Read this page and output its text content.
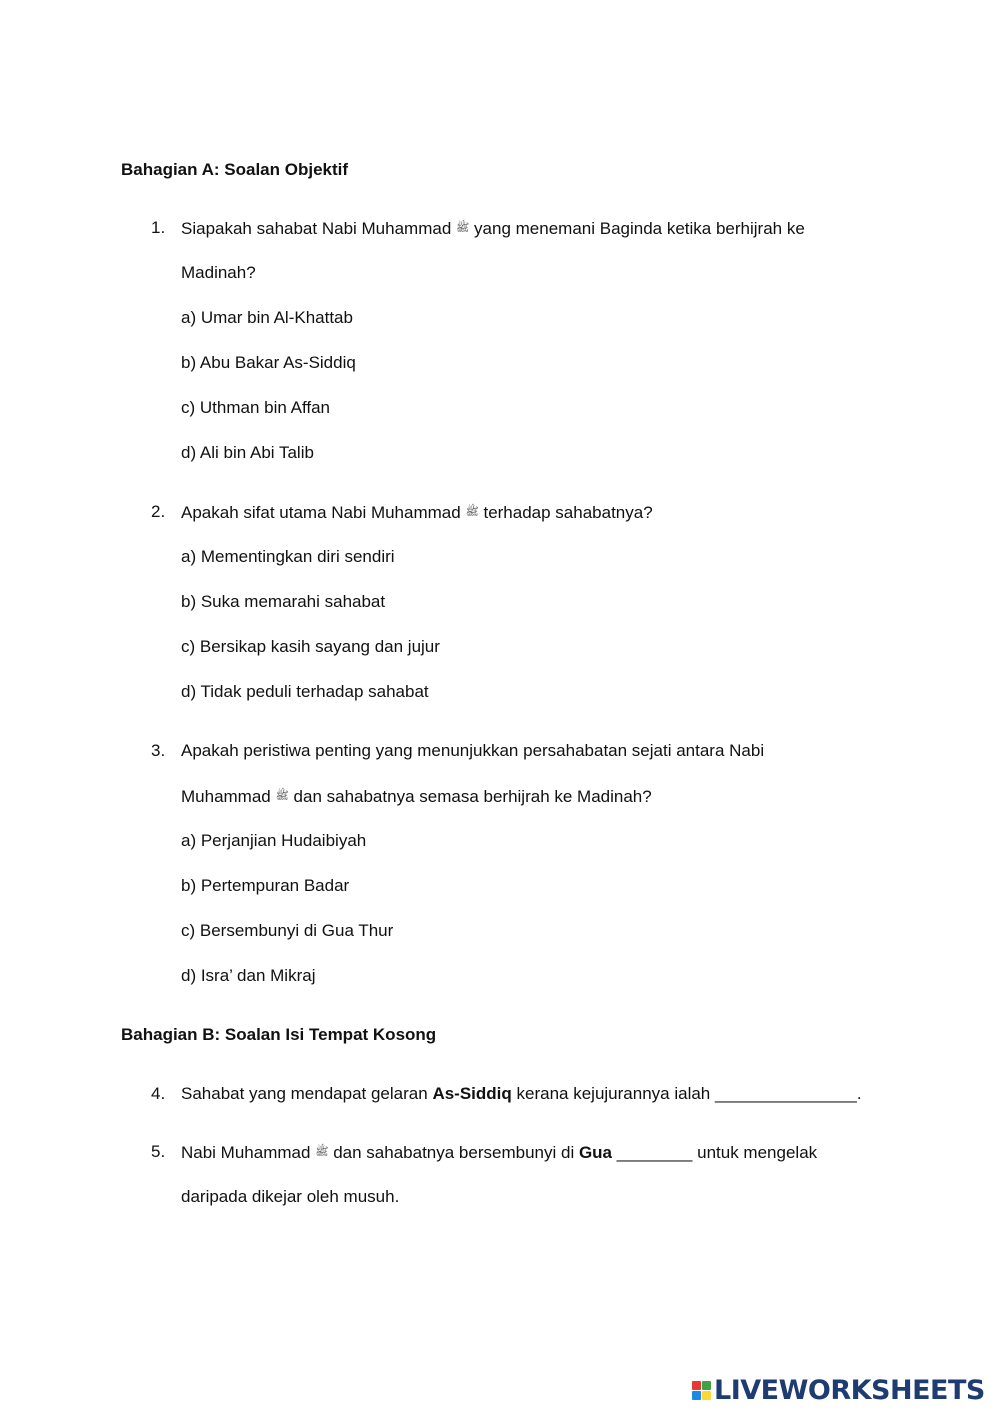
Bahagian A: Soalan Objektif
1. Siapakah sahabat Nabi Muhammad ﷺ yang menemani Baginda ketika berhijrah ke
Madinah?
a) Umar bin Al-Khattab
b) Abu Bakar As-Siddiq
c) Uthman bin Affan
d) Ali bin Abi Talib
2. Apakah sifat utama Nabi Muhammad ﷺ terhadap sahabatnya?
a) Mementingkan diri sendiri
b) Suka memarahi sahabat
c) Bersikap kasih sayang dan jujur
d) Tidak peduli terhadap sahabat
3. Apakah peristiwa penting yang menunjukkan persahabatan sejati antara Nabi
Muhammad ﷺ dan sahabatnya semasa berhijrah ke Madinah?
a) Perjanjian Hudaibiyah
b) Pertempuran Badar
c) Bersembunyi di Gua Thur
d) Isra’ dan Mikraj
Bahagian B: Soalan Isi Tempat Kosong
4. Sahabat yang mendapat gelaran As-Siddiq kerana kejujurannya ialah _______________.
5. Nabi Muhammad ﷺ dan sahabatnya bersembunyi di Gua ________ untuk mengelak
daripada dikejar oleh musuh.
LIVEWORKSHEETS
